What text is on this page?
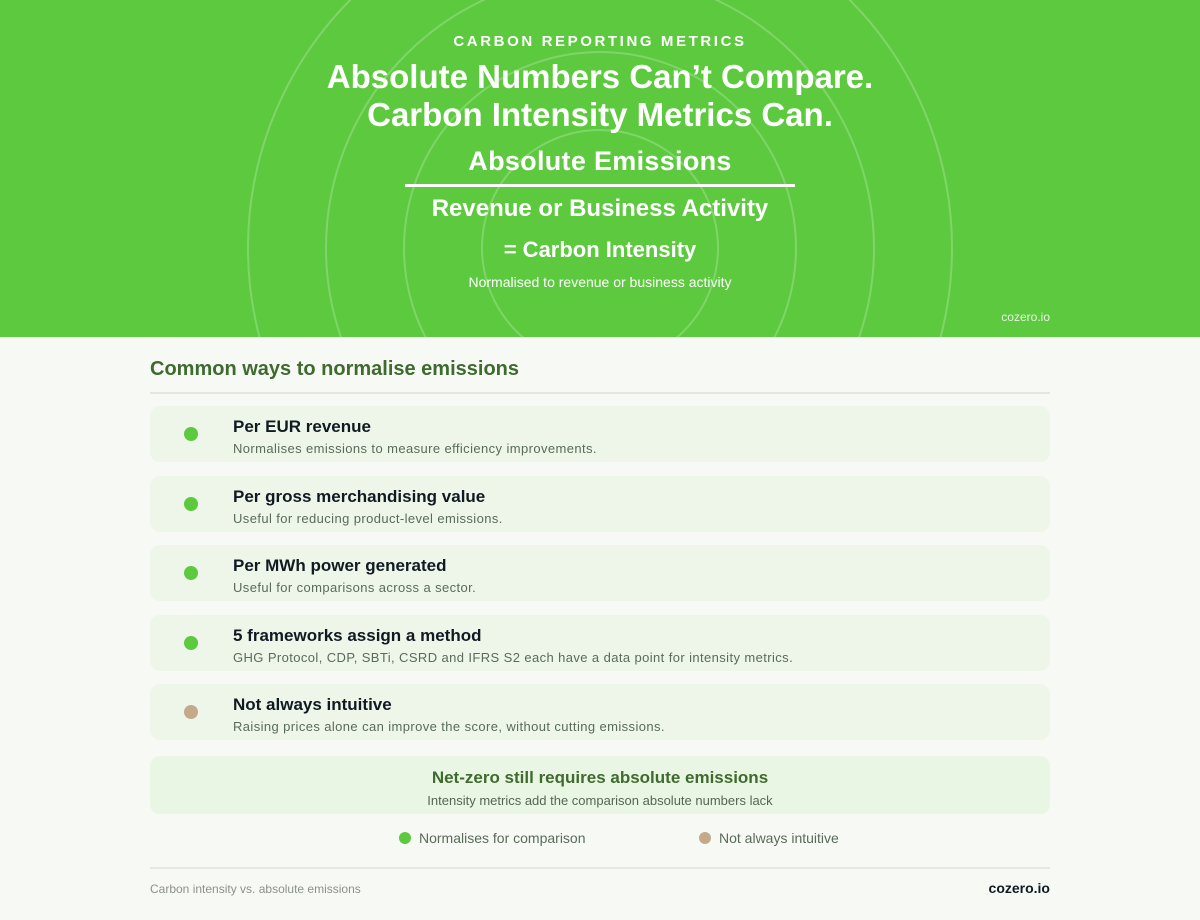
CARBON REPORTING METRICS
Absolute Numbers Can’t Compare.
Carbon Intensity Metrics Can.
Absolute Emissions
Revenue or Business Activity
= Carbon Intensity
Normalised to revenue or business activity
cozero.io
Common ways to normalise emissions
Per EUR revenue
Normalises emissions to measure efficiency improvements.
Per gross merchandising value
Useful for reducing product-level emissions.
Per MWh power generated
Useful for comparisons across a sector.
5 frameworks assign a method
GHG Protocol, CDP, SBTi, CSRD and IFRS S2 each have a data point for intensity metrics.
Not always intuitive
Raising prices alone can improve the score, without cutting emissions.
Net-zero still requires absolute emissions
Intensity metrics add the comparison absolute numbers lack
Normalises for comparison	Not always intuitive
Carbon intensity vs. absolute emissions	cozero.io
